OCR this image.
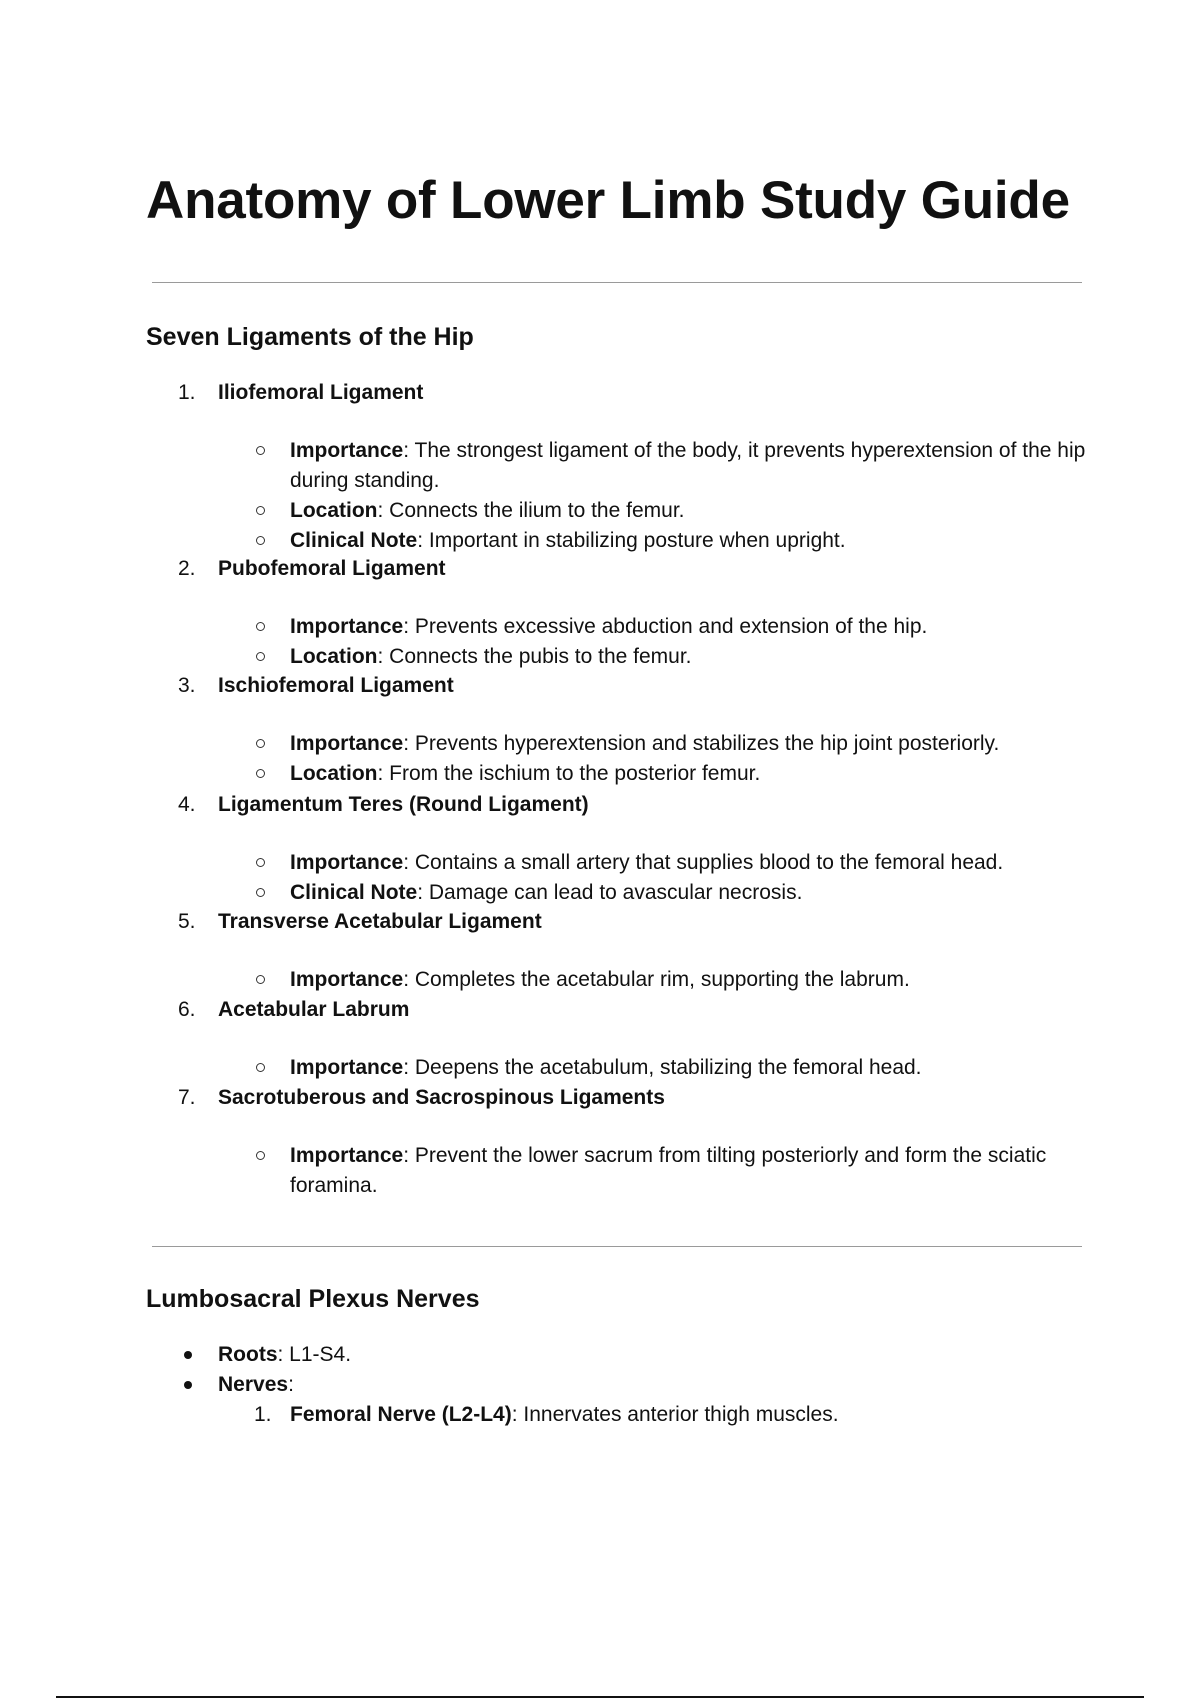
Anatomy of Lower Limb Study Guide
Seven Ligaments of the Hip
1. Iliofemoral Ligament
Importance: The strongest ligament of the body, it prevents hyperextension of the hip during standing.
Location: Connects the ilium to the femur.
Clinical Note: Important in stabilizing posture when upright.
2. Pubofemoral Ligament
Importance: Prevents excessive abduction and extension of the hip.
Location: Connects the pubis to the femur.
3. Ischiofemoral Ligament
Importance: Prevents hyperextension and stabilizes the hip joint posteriorly.
Location: From the ischium to the posterior femur.
4. Ligamentum Teres (Round Ligament)
Importance: Contains a small artery that supplies blood to the femoral head.
Clinical Note: Damage can lead to avascular necrosis.
5. Transverse Acetabular Ligament
Importance: Completes the acetabular rim, supporting the labrum.
6. Acetabular Labrum
Importance: Deepens the acetabulum, stabilizing the femoral head.
7. Sacrotuberous and Sacrospinous Ligaments
Importance: Prevent the lower sacrum from tilting posteriorly and form the sciatic foramina.
Lumbosacral Plexus Nerves
Roots: L1-S4.
Nerves:
1. Femoral Nerve (L2-L4): Innervates anterior thigh muscles.
